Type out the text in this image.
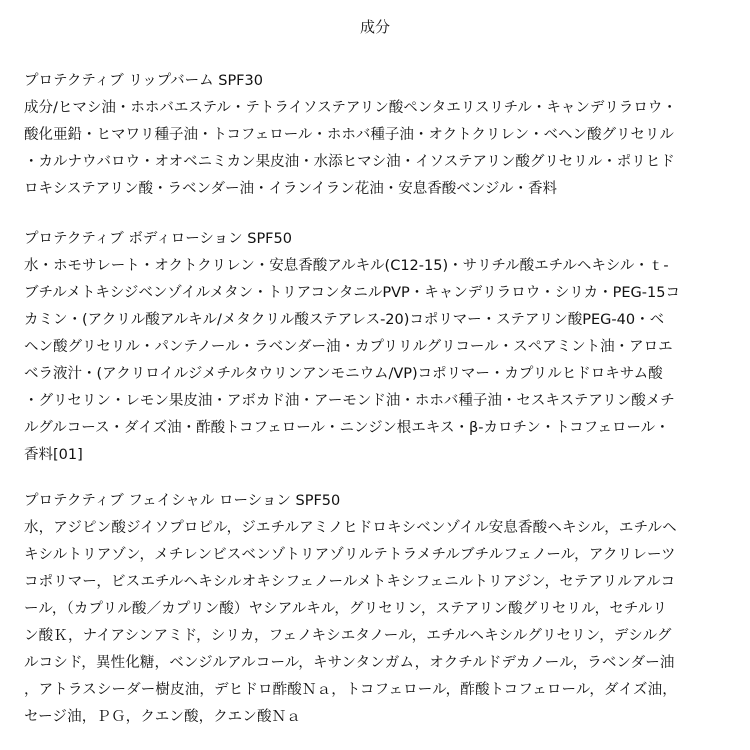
成分
プロテクティブ リップバーム SPF30
成分/ヒマシ油・ホホバエステル・テトライソステアリン酸ペンタエリスリチル・キャンデリラロウ・
酸化亜鉛・ヒマワリ種子油・トコフェロール・ホホバ種子油・オクトクリレン・ベヘン酸グリセリル
・カルナウバロウ・オオベニミカン果皮油・水添ヒマシ油・イソステアリン酸グリセリル・ポリヒド
ロキシステアリン酸・ラベンダー油・イランイラン花油・安息香酸ベンジル・香料
プロテクティブ ボディローション SPF50
水・ホモサレート・オクトクリレン・安息香酸アルキル(C12-15)・サリチル酸エチルヘキシル・ｔ-
ブチルメトキシジベンゾイルメタン・トリアコンタニルPVP・キャンデリラロウ・シリカ・PEG-15コ
カミン・(アクリル酸アルキル/メタクリル酸ステアレス-20)コポリマー・ステアリン酸PEG-40・ベ
ヘン酸グリセリル・パンテノール・ラベンダー油・カプリリルグリコール・スペアミント油・アロエ
ベラ液汁・(アクリロイルジメチルタウリンアンモニウム/VP)コポリマー・カプリルヒドロキサム酸
・グリセリン・レモン果皮油・アボカド油・アーモンド油・ホホバ種子油・セスキステアリン酸メチ
ルグルコース・ダイズ油・酢酸トコフェロール・ニンジン根エキス・β-カロチン・トコフェロール・
香料[01]
プロテクティブ フェイシャル ローション SPF50
水，アジピン酸ジイソプロピル，ジエチルアミノヒドロキシベンゾイル安息香酸ヘキシル，エチルヘ
キシルトリアゾン，メチレンビスベンゾトリアゾリルテトラメチルブチルフェノール，アクリレーツ
コポリマー，ビスエチルヘキシルオキシフェノールメトキシフェニルトリアジン，セテアリルアルコ
ール，（カプリル酸／カプリン酸）ヤシアルキル，グリセリン，ステアリン酸グリセリル，セチルリ
ン酸Ｋ，ナイアシンアミド，シリカ，フェノキシエタノール，エチルヘキシルグリセリン，デシルグ
ルコシド，異性化糖，ベンジルアルコール，キサンタンガム，オクチルドデカノール，ラベンダー油
，アトラスシーダー樹皮油，デヒドロ酢酸Ｎａ，トコフェロール，酢酸トコフェロール，ダイズ油，
セージ油，ＰＧ，クエン酸，クエン酸Ｎａ
